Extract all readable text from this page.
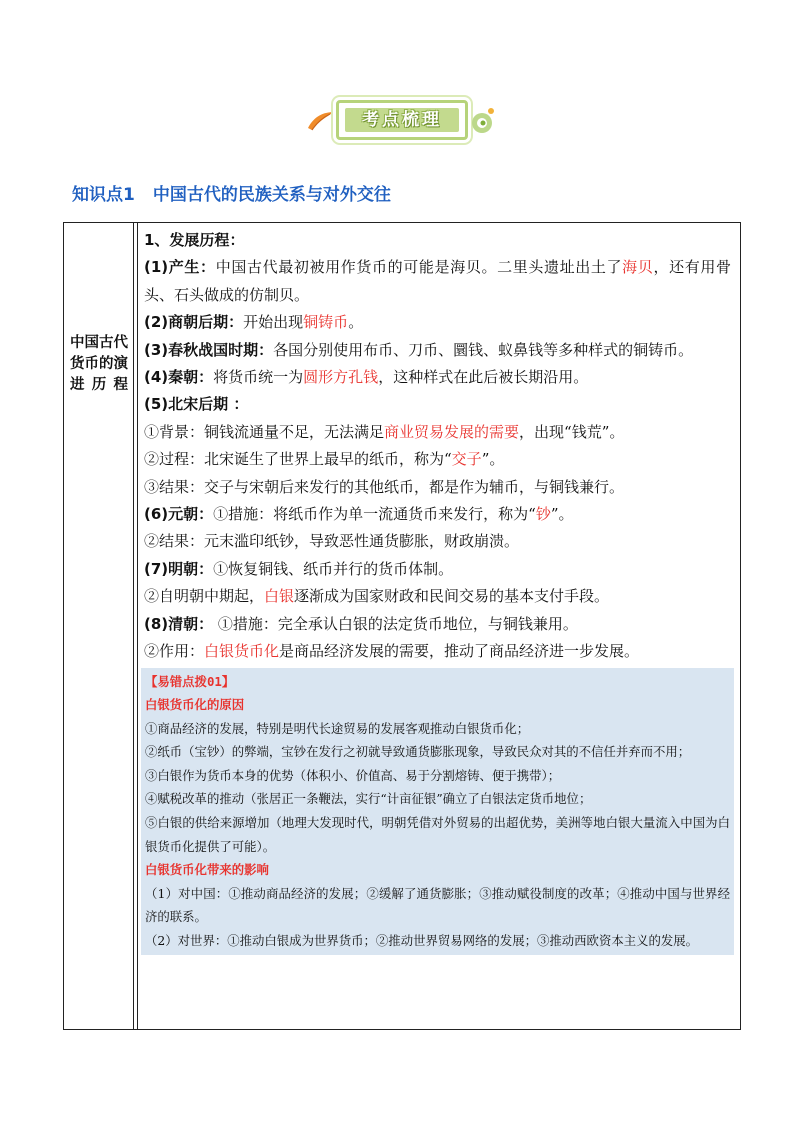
考点梳理
知识点1 中国古代的民族关系与对外交往
中国古代货币的演进历程
1、发展历程：
(1)产生：中国古代最初被用作货币的可能是海贝。二里头遗址出土了海贝，还有用骨头、石头做成的仿制贝。
(2)商朝后期：开始出现铜铸币。
(3)春秋战国时期：各国分别使用布币、刀币、圜钱、蚁鼻钱等多种样式的铜铸币。
(4)秦朝：将货币统一为圆形方孔钱，这种样式在此后被长期沿用。
(5)北宋后期 ：
①背景：铜钱流通量不足，无法满足商业贸易发展的需要，出现“钱荒”。
②过程：北宋诞生了世界上最早的纸币，称为“交子”。
③结果：交子与宋朝后来发行的其他纸币，都是作为辅币，与铜钱兼行。
(6)元朝：①措施：将纸币作为单一流通货币来发行，称为“钞”。
②结果：元末滥印纸钞，导致恶性通货膨胀，财政崩溃。
(7)明朝：①恢复铜钱、纸币并行的货币体制。
②自明朝中期起，白银逐渐成为国家财政和民间交易的基本支付手段。
(8)清朝： ①措施：完全承认白银的法定货币地位，与铜钱兼用。
②作用：白银货币化是商品经济发展的需要，推动了商品经济进一步发展。
【易错点拨01】
白银货币化的原因
①商品经济的发展，特别是明代长途贸易的发展客观推动白银货币化；
②纸币（宝钞）的弊端，宝钞在发行之初就导致通货膨胀现象，导致民众对其的不信任并弃而不用；
③白银作为货币本身的优势（体积小、价值高、易于分割熔铸、便于携带）；
④赋税改革的推动（张居正一条鞭法，实行“计亩征银”确立了白银法定货币地位；
⑤白银的供给来源增加（地理大发现时代，明朝凭借对外贸易的出超优势，美洲等地白银大量流入中国为白银货币化提供了可能）。
白银货币化带来的影响
（1）对中国：①推动商品经济的发展；②缓解了通货膨胀；③推动赋役制度的改革；④推动中国与世界经济的联系。
（2）对世界：①推动白银成为世界货币；②推动世界贸易网络的发展；③推动西欧资本主义的发展。
